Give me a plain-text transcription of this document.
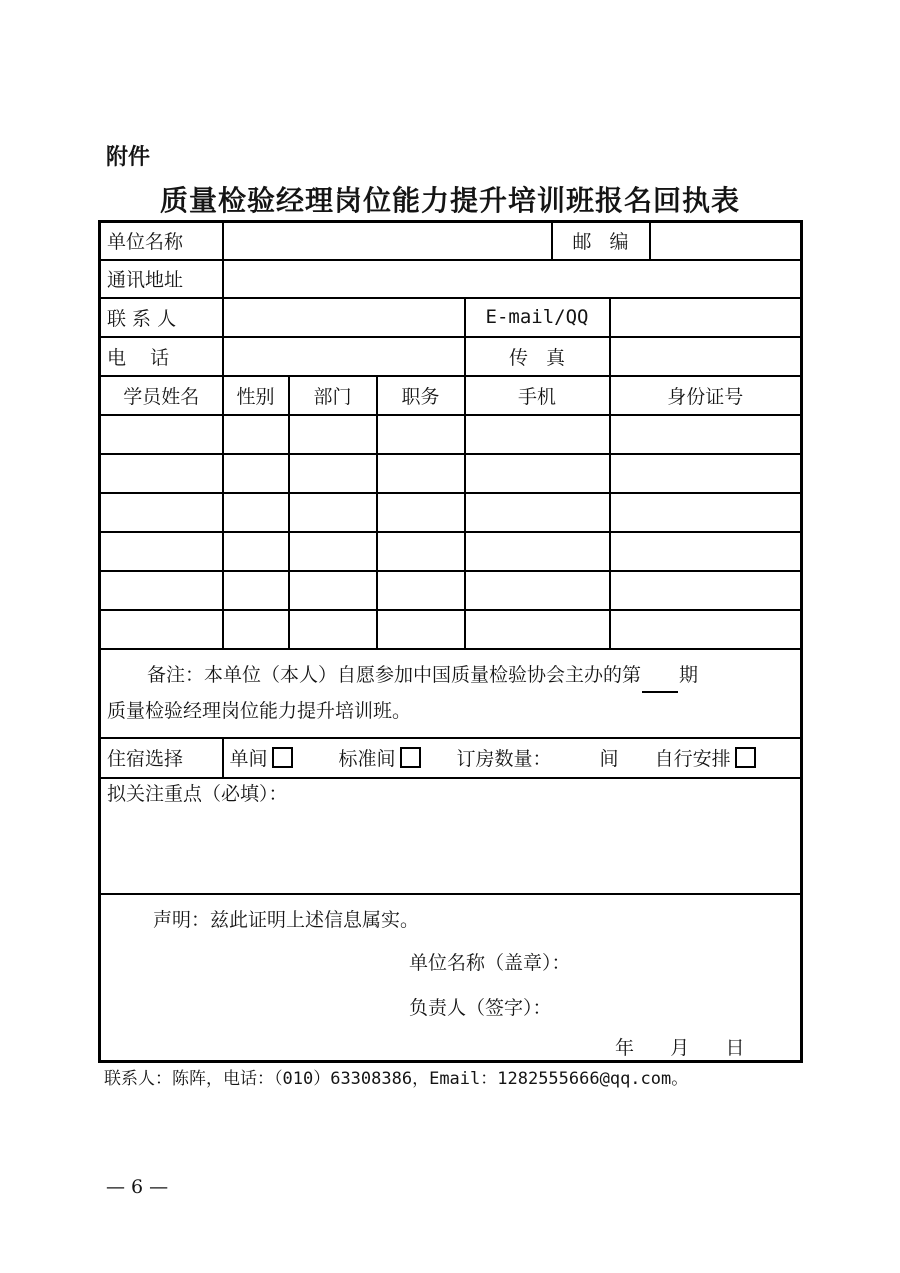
附件
质量检验经理岗位能力提升培训班报名回执表
单位名称					邮   编		
通讯地址							
联 系 人				E-mail/QQ			
电    话				传   真			
学员姓名	性别	部门	职务	手机		身份证号	

备注：本单位（本人）自愿参加中国质量检验协会主办的第 期
质量检验经理岗位能力提升培训班。							

住宿选择	单间 标准间 订房数量： 间 自行安排						

拟关注重点（必填）：							

声明：兹此证明上述信息属实。
单位名称（盖章）：
负责人（签字）：
年      月      日							
联系人：陈阵，电话：（010）63308386，Email：1282555666@qq.com。
— 6 —
